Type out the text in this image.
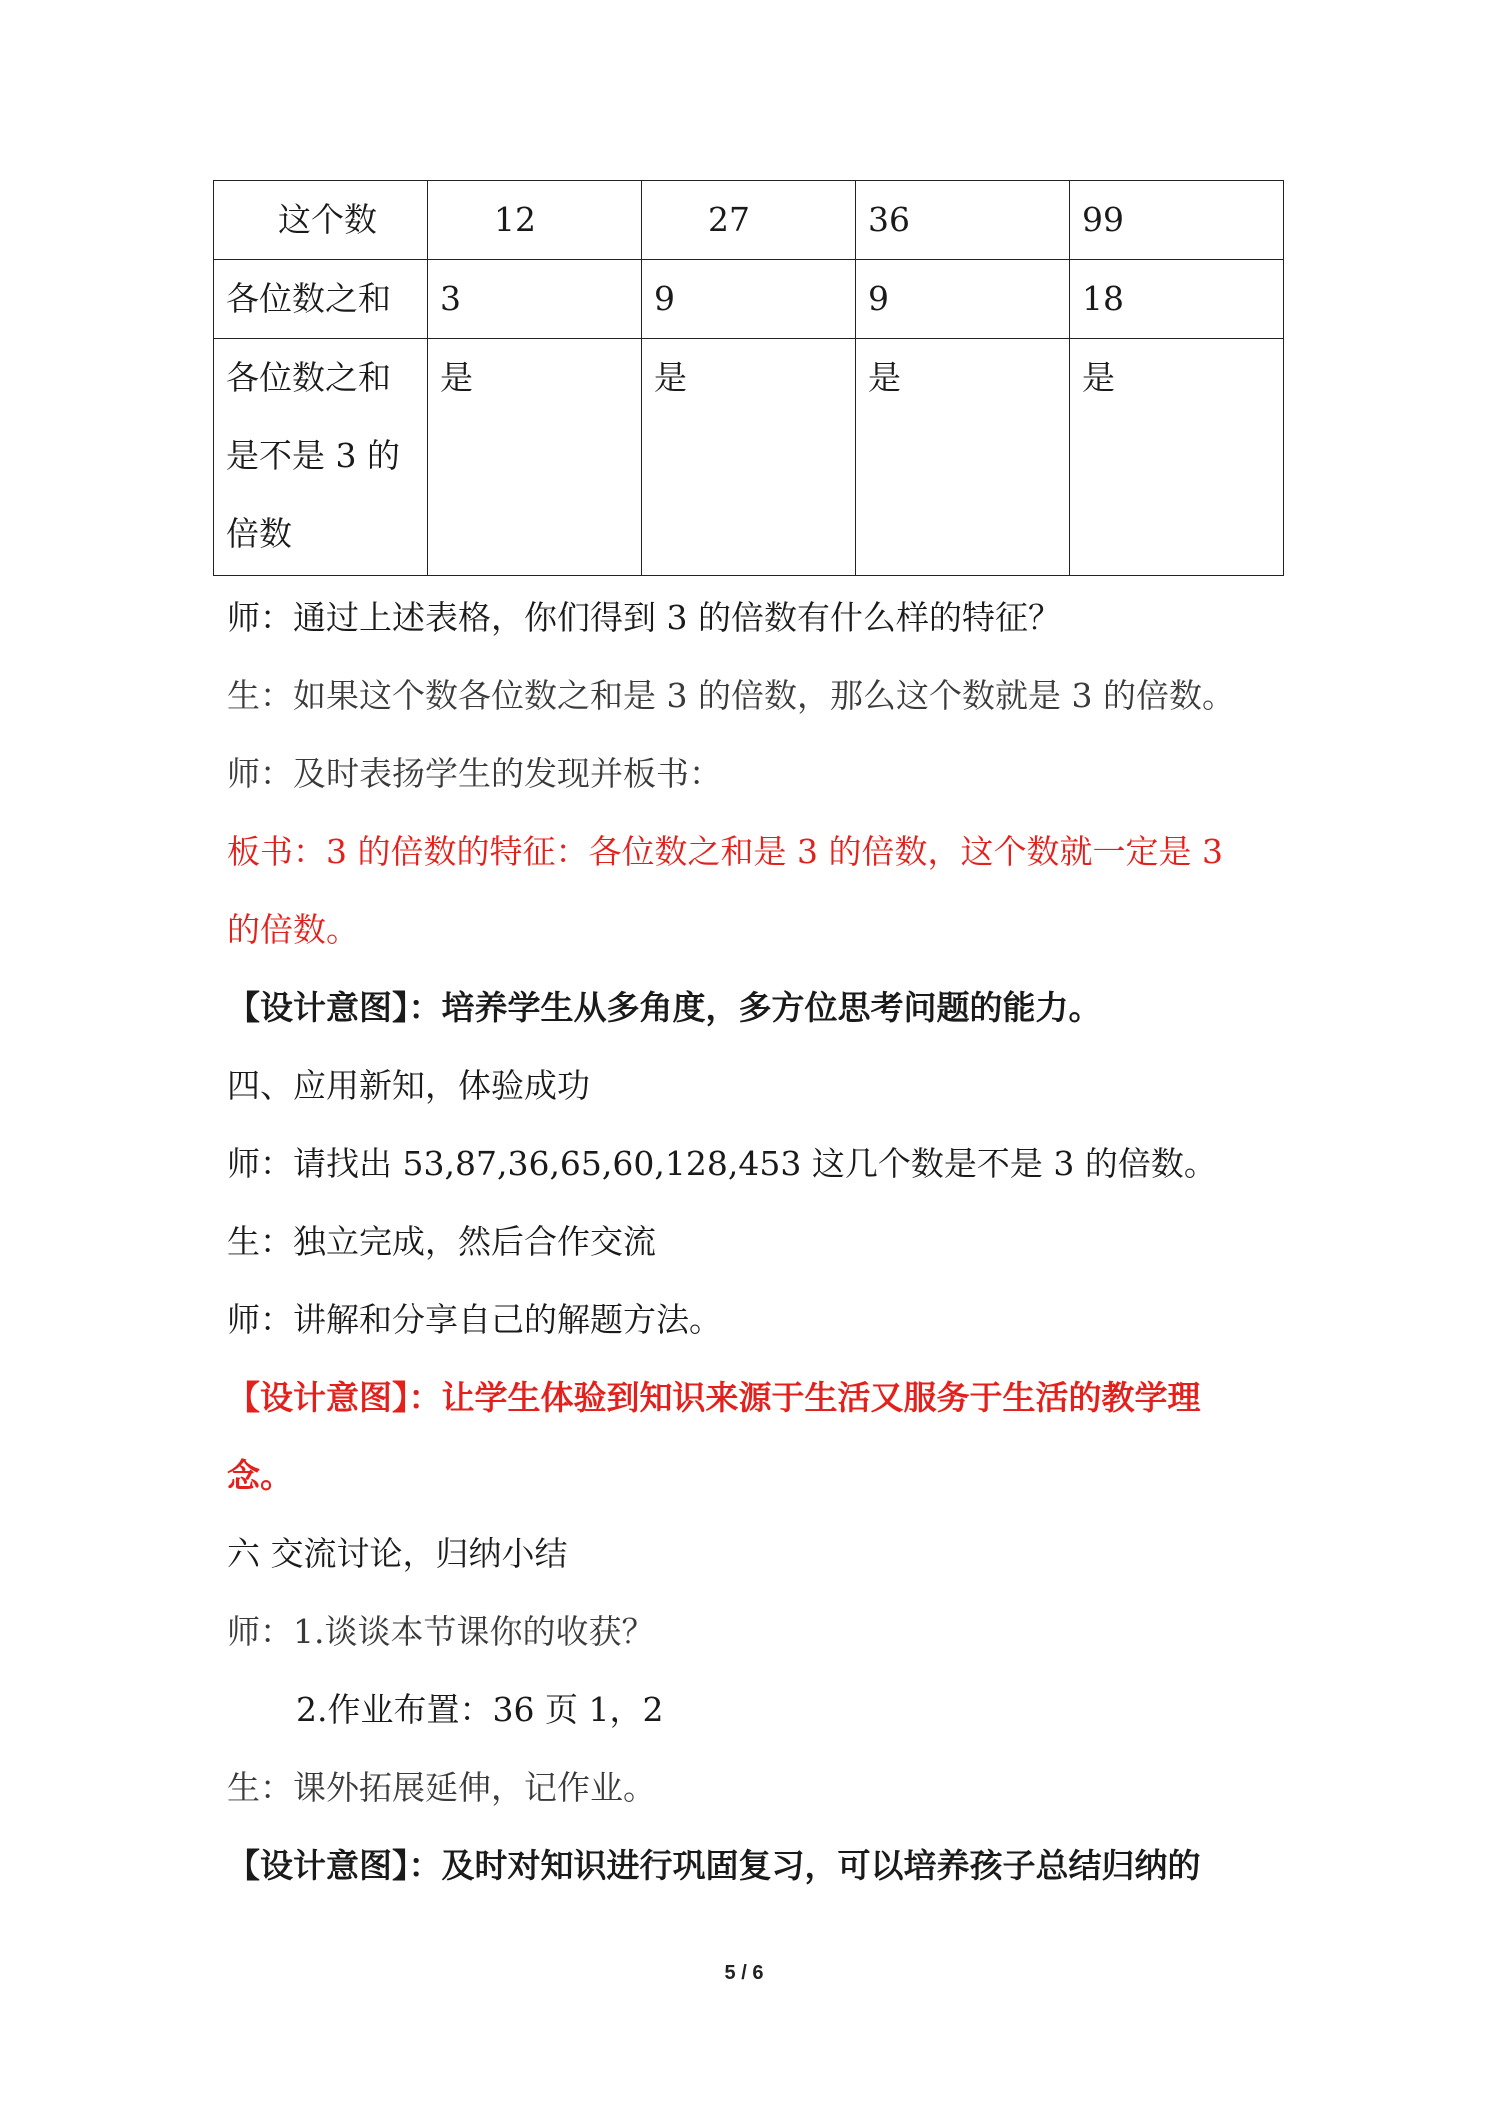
这个数	12	27	36	99
各位数之和	3	9	9	18

各位数之和
是不是 3 的
倍数	是	是	是	是
师：通过上述表格，你们得到 3 的倍数有什么样的特征？
生：如果这个数各位数之和是 3 的倍数，那么这个数就是 3 的倍数。
师：及时表扬学生的发现并板书：
板书：3 的倍数的特征：各位数之和是 3 的倍数，这个数就一定是 3
的倍数。
【设计意图】：培养学生从多角度，多方位思考问题的能力。
四、应用新知，体验成功
师：请找出 53,87,36,65,60,128,453 这几个数是不是 3 的倍数。
生：独立完成，然后合作交流
师：讲解和分享自己的解题方法。
【设计意图】：让学生体验到知识来源于生活又服务于生活的教学理
念。
六 交流讨论，归纳小结
师：1.谈谈本节课你的收获？
2.作业布置：36 页 1，2
生：课外拓展延伸，记作业。
【设计意图】：及时对知识进行巩固复习，可以培养孩子总结归纳的
5 / 6
